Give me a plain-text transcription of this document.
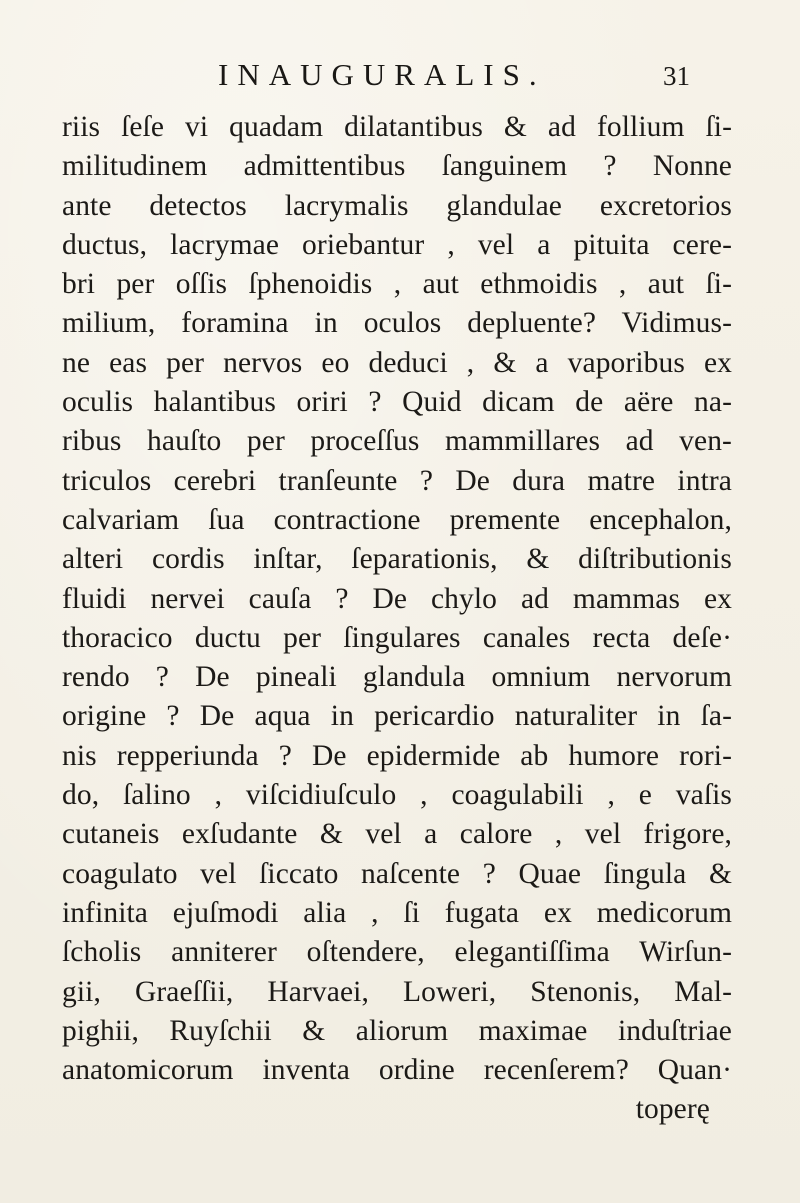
INAUGURALIS.	31
riis ſeſe vi quadam dilatantibus & ad follium ſi-
militudinem admittentibus ſanguinem ? Nonne
ante detectos lacrymalis glandulae excretorios
ductus, lacrymae oriebantur , vel a pituita cere-
bri per oſſis ſphenoidis , aut ethmoidis , aut ſi-
milium, foramina in oculos depluente? Vidimus-
ne eas per nervos eo deduci , & a vaporibus ex
oculis halantibus oriri ? Quid dicam de aëre na-
ribus hauſto per proceſſus mammillares ad ven-
triculos cerebri tranſeunte ? De dura matre intra
calvariam ſua contractione premente encephalon,
alteri cordis inſtar, ſeparationis, & diſtributionis
fluidi nervei cauſa ? De chylo ad mammas ex
thoracico ductu per ſingulares canales recta deſe·
rendo ? De pineali glandula omnium nervorum
origine ? De aqua in pericardio naturaliter in ſa-
nis repperiunda ? De epidermide ab humore rori-
do, ſalino , viſcidiuſculo , coagulabili , e vaſis
cutaneis exſudante & vel a calore , vel frigore,
coagulato vel ſiccato naſcente ? Quae ſingula &
infinita ejuſmodi alia , ſi fugata ex medicorum
ſcholis anniterer oſtendere, elegantiſſima Wirſun-
gii, Graeſſii, Harvaei, Loweri, Stenonis, Mal-
pighii, Ruyſchii & aliorum maximae induſtriae
anatomicorum inventa ordine recenſerem? Quan·
toperę
